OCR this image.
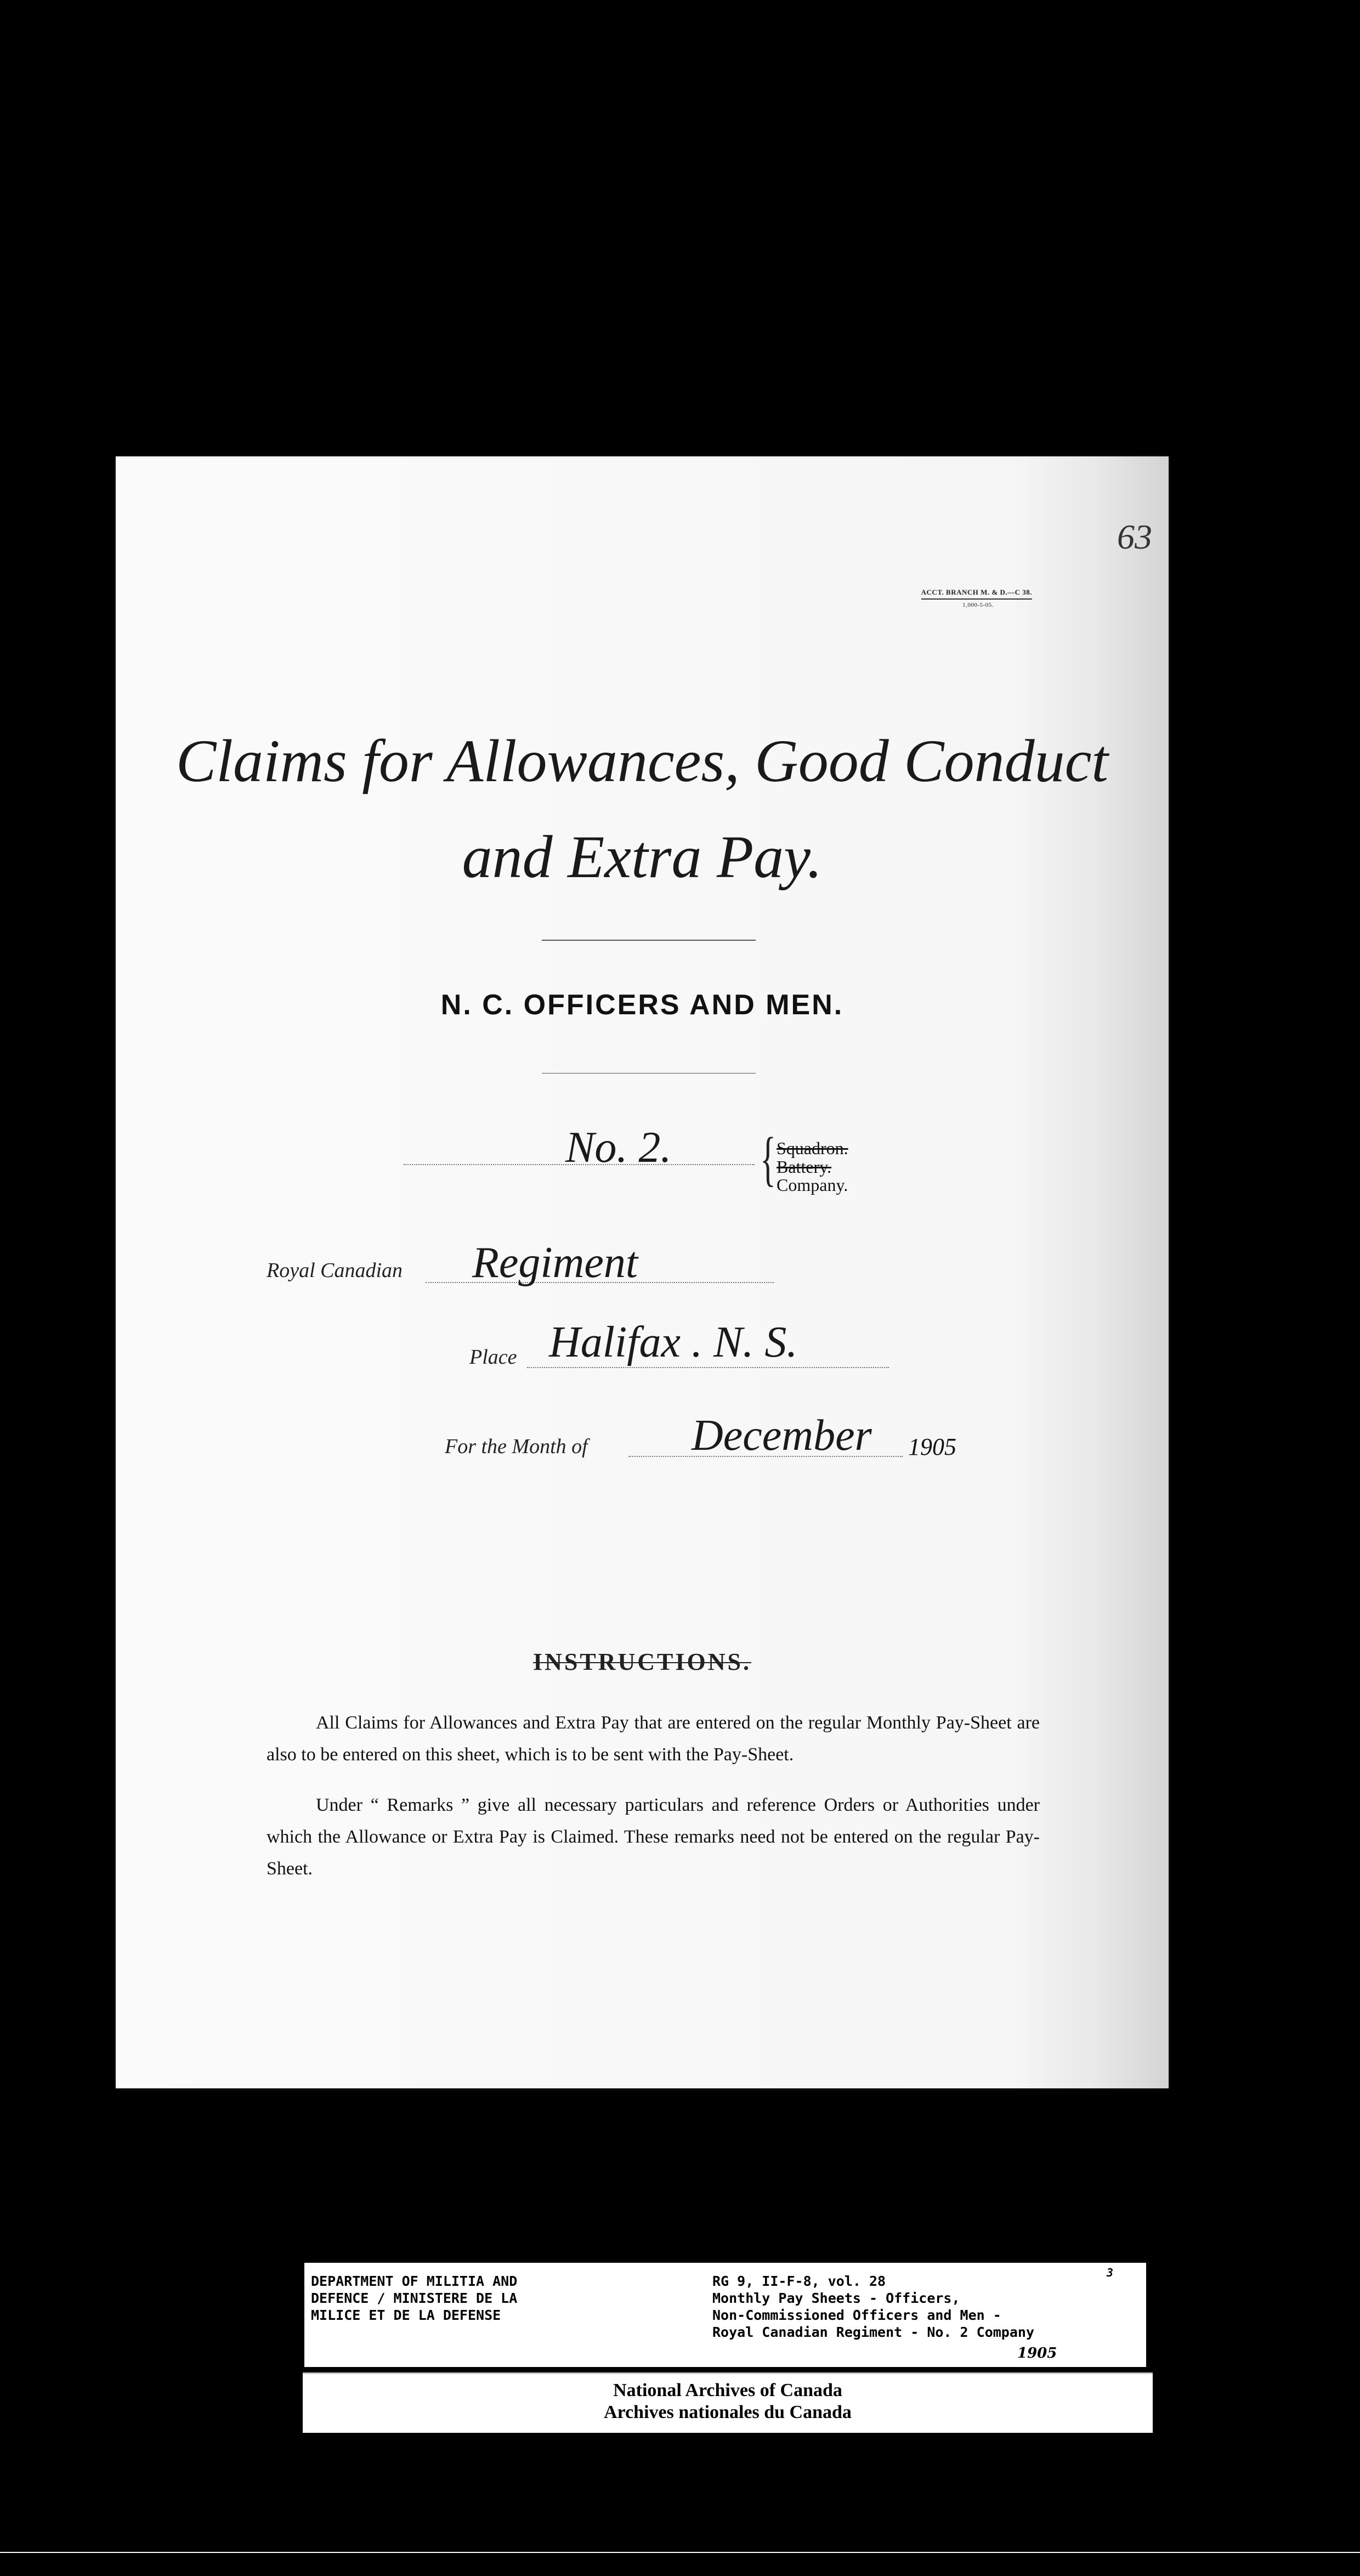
63
ACCT. BRANCH M. & D.—C 38.
1,000-5-05.
Claims for Allowances, Good Conduct
and Extra Pay.
N. C. OFFICERS AND MEN.
No. 2. { Squadron.
Battery.
Company.
Royal Canadian Regiment
Place Halifax . N. S.
For the Month of December 1905
INSTRUCTIONS.
All Claims for Allowances and Extra Pay that are entered on the regular Monthly Pay-Sheet are also to be entered on this sheet, which is to be sent with the Pay-Sheet.
Under “ Remarks ” give all necessary particulars and reference Orders or Authorities under which the Allowance or Extra Pay is Claimed. These remarks need not be entered on the regular Pay-Sheet.
3
DEPARTMENT OF MILITIA AND
DEFENCE / MINISTERE DE LA
MILICE ET DE LA DEFENSE
RG 9, II-F-8, vol. 28
Monthly Pay Sheets - Officers,
Non-Commissioned Officers and Men -
Royal Canadian Regiment - No. 2 Company
1905
National Archives of Canada
Archives nationales du Canada
